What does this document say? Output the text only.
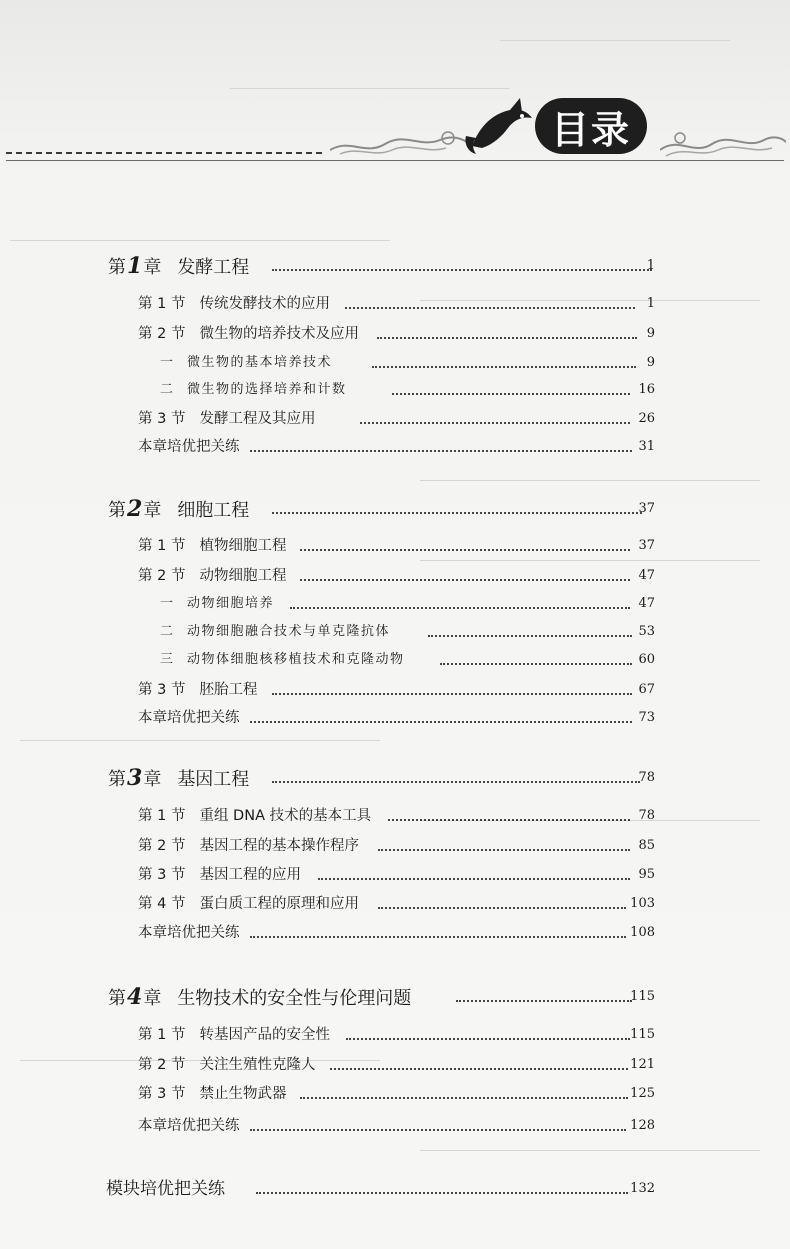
目录
第1章 发酵工程	1
第 1 节 传统发酵技术的应用	1
第 2 节 微生物的培养技术及应用	9
一 微生物的基本培养技术	9
二 微生物的选择培养和计数	16
第 3 节 发酵工程及其应用	26
本章培优把关练	31
第2章 细胞工程	37
第 1 节 植物细胞工程	37
第 2 节 动物细胞工程	47
一 动物细胞培养	47
二 动物细胞融合技术与单克隆抗体	53
三 动物体细胞核移植技术和克隆动物	60
第 3 节 胚胎工程	67
本章培优把关练	73
第3章 基因工程	78
第 1 节 重组 DNA 技术的基本工具	78
第 2 节 基因工程的基本操作程序	85
第 3 节 基因工程的应用	95
第 4 节 蛋白质工程的原理和应用	103
本章培优把关练	108
第4章 生物技术的安全性与伦理问题	115
第 1 节 转基因产品的安全性	115
第 2 节 关注生殖性克隆人	121
第 3 节 禁止生物武器	125
本章培优把关练	128
模块培优把关练	132
